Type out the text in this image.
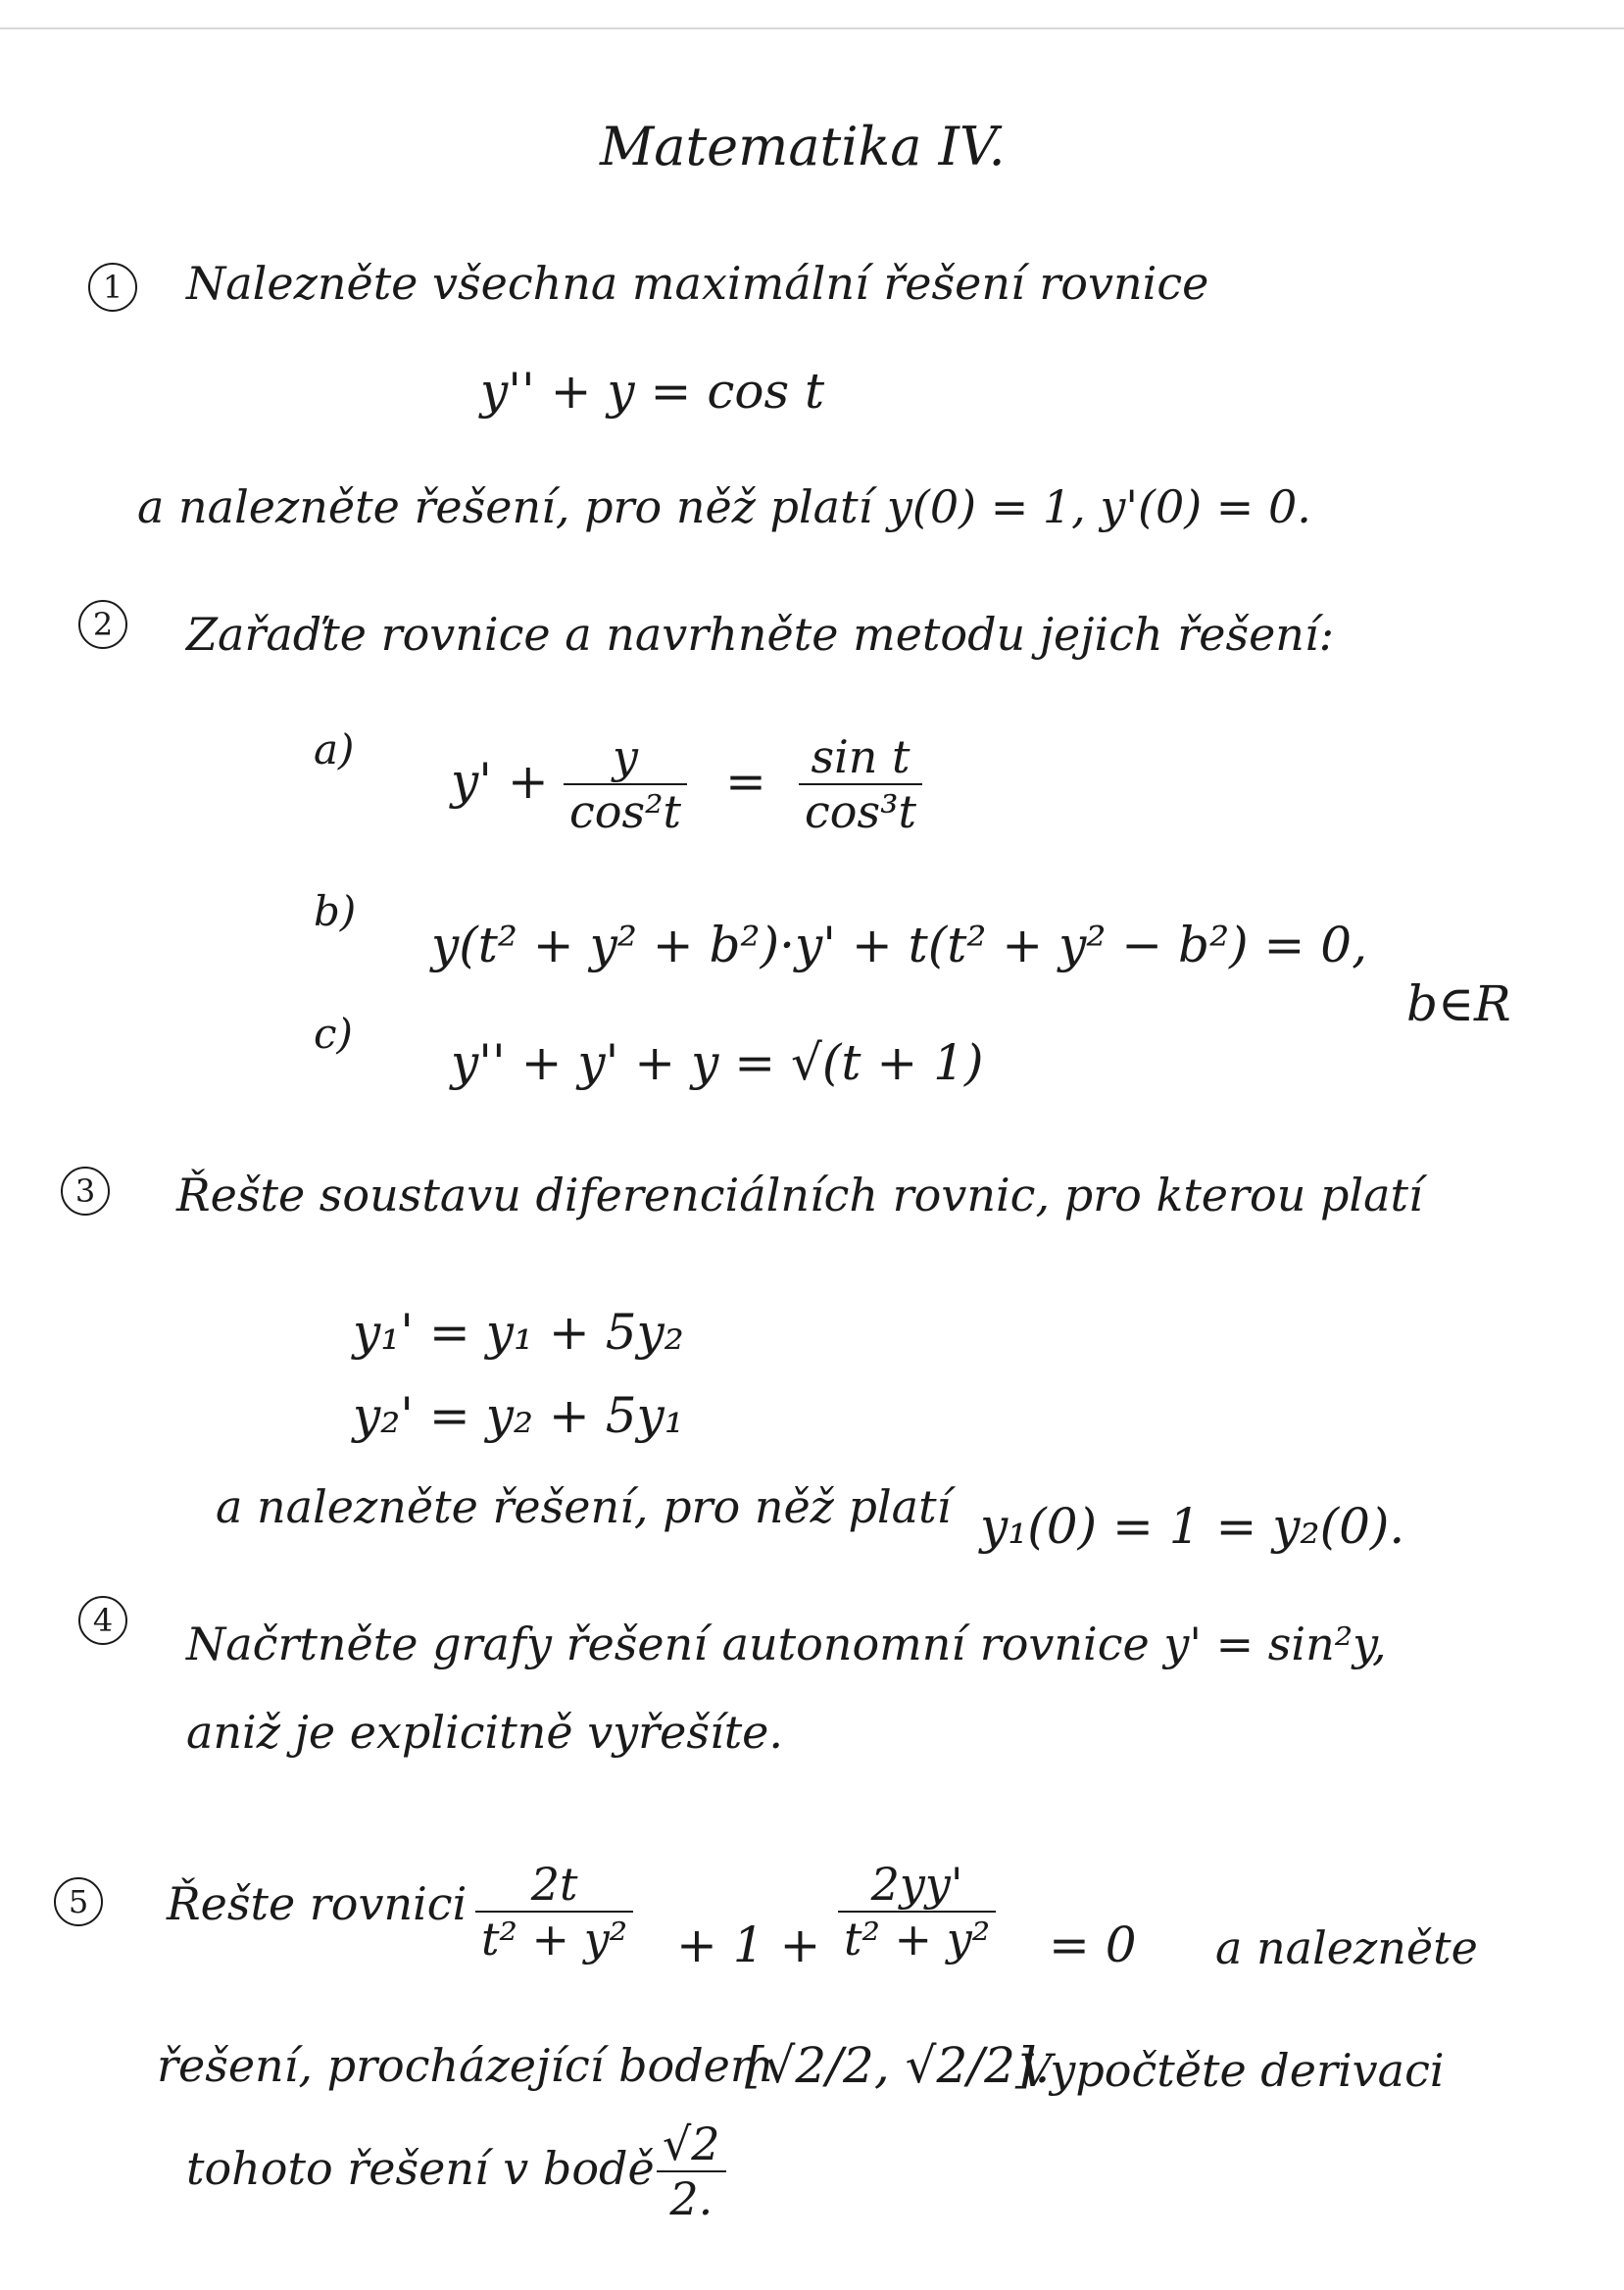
Matematika IV.
1	Nalezněte všechna maximální řešení rovnice
y'' + y = cos t
a nalezněte řešení, pro něž platí y(0) = 1, y'(0) = 0.
2	Zařaďte rovnice a navrhněte metodu jejich řešení:
a)
$y' + \frac{y}{\text{cos²t}} = \frac{\text{sin t}}{\text{cos³t}}$
b)
y(t² + y² + b²)·y' + t(t² + y² − b²) = 0,
b∈R
c)
y'' + y' + y = √(t + 1)
3	Řešte soustavu diferenciálních rovnic, pro kterou platí
y₁' = y₁ + 5y₂
y₂' = y₂ + 5y₁
a nalezněte řešení, pro něž platí y₁(0) = 1 = y₂(0).
4	Načrtněte grafy řešení autonomní rovnice y' = sin²y,
aniž je explicitně vyřešíte.
5	Řešte rovnici $\frac{2t}{\text{t² + y²}} + 1 + \frac{2yy'}{\text{t² + y²}} = 0$ a nalezněte
řešení, procházející bodem
[√2/2, √2/2].
Vypočtěte derivaci
tohoto řešení v bodě $\frac{√2}{2.}$
